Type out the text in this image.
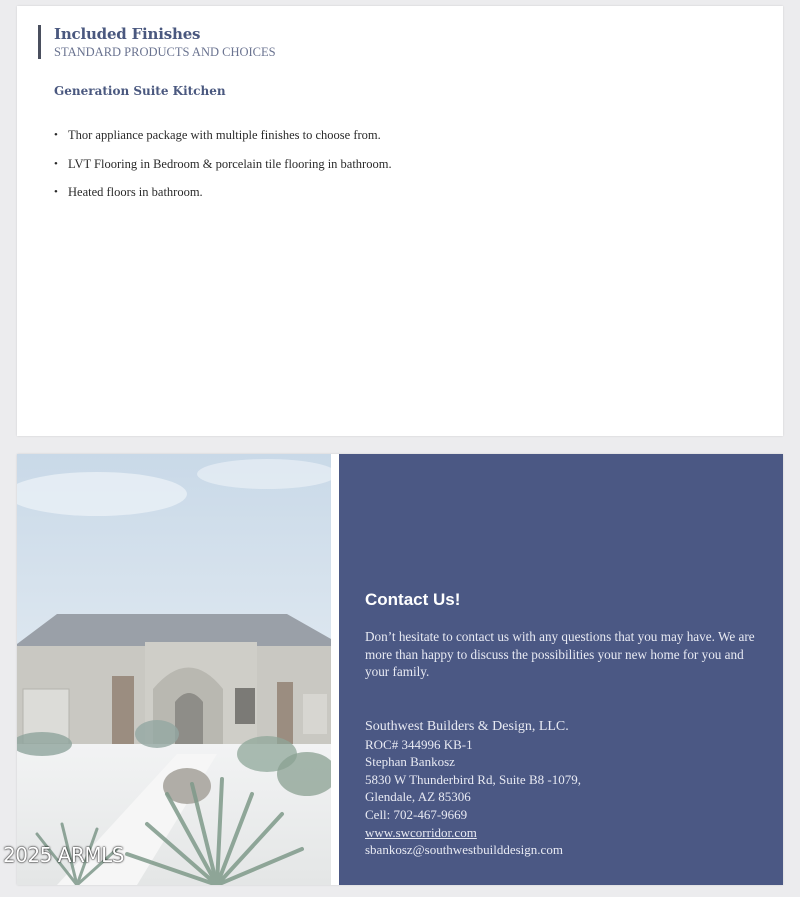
Included Finishes

STANDARD PRODUCTS AND CHOICES

Generation Suite Kitchen
• Thor appliance package with multiple finishes to choose from.
• LVT Flooring in Bedroom & porcelain tile flooring in bathroom.
• Heated floors in bathroom.
Contact Us!

Don’t hesitate to contact us with any questions that you may have. We are more than happy to discuss the possibilities your new home for you and your family.

Southwest Builders & Design, LLC.
ROC# 344996 KB-1
Stephan Bankosz
5830 W Thunderbird Rd, Suite B8 -1079,
Glendale, AZ 85306
Cell: 702-467-9669
www.swcorridor.com
sbankosz@southwestbuilddesign.com
2025 ARMLS
